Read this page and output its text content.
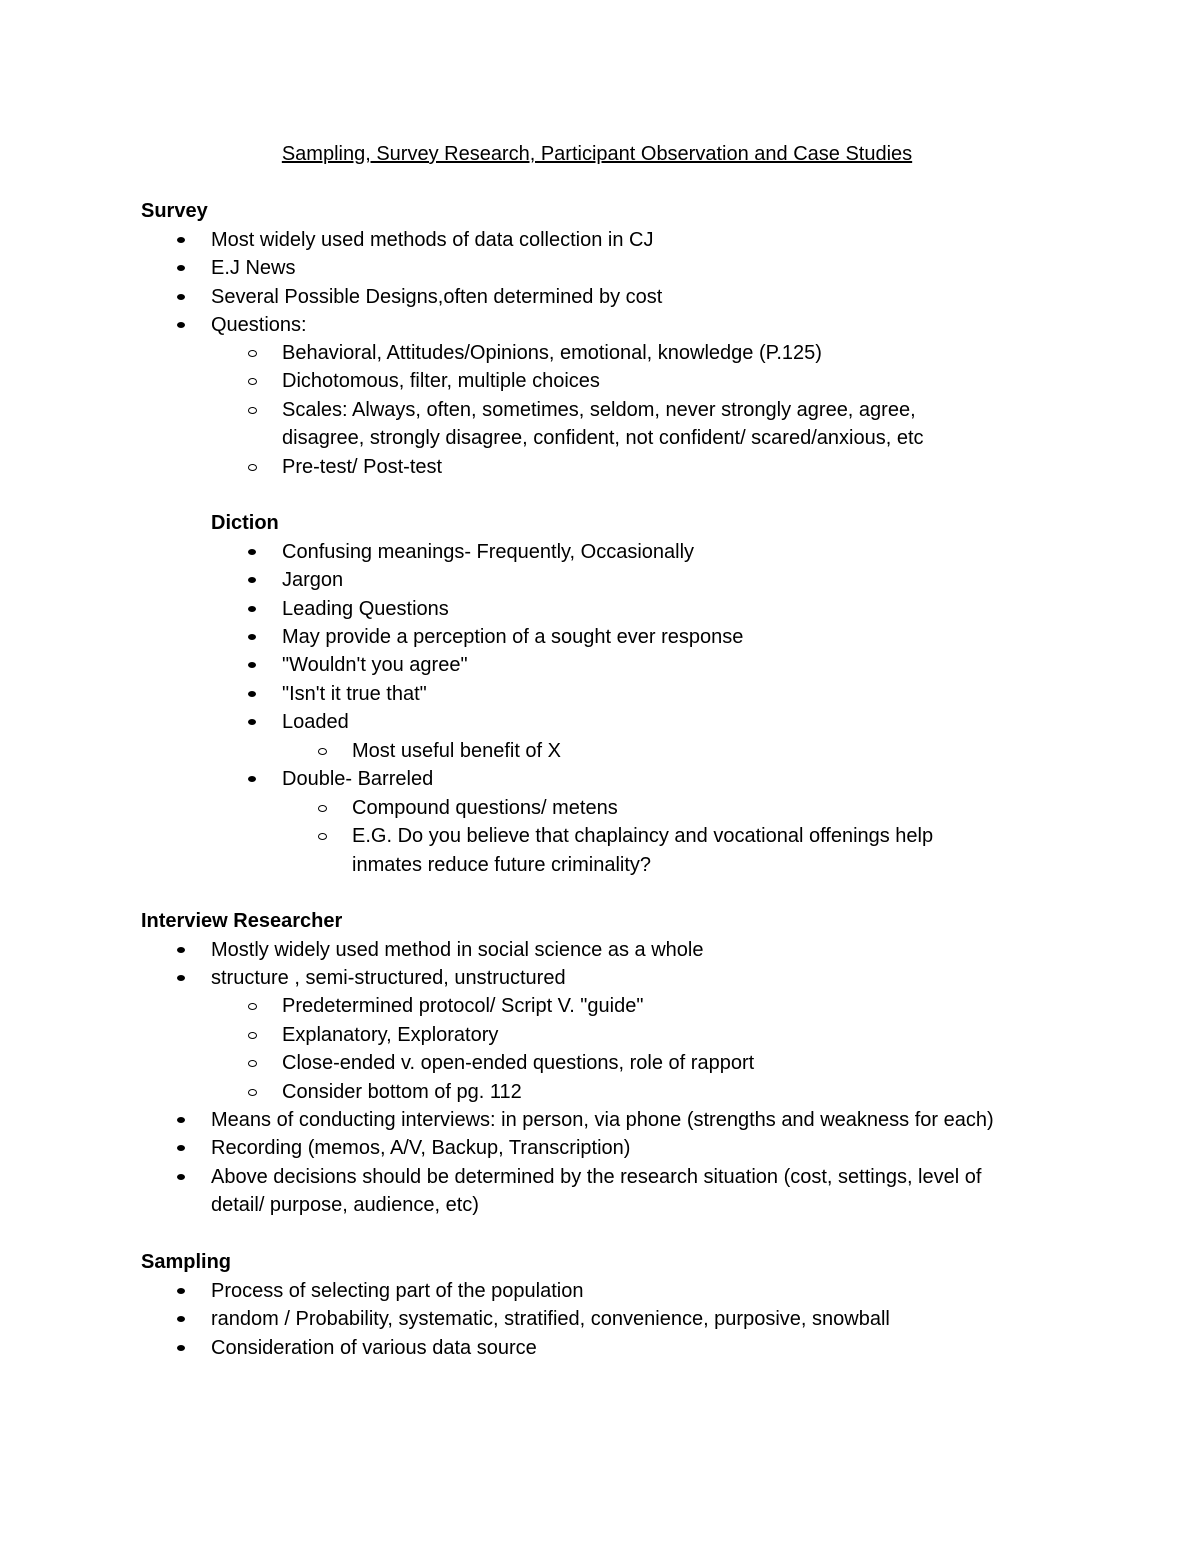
Sampling, Survey Research, Participant Observation and Case Studies
Survey
Most widely used methods of data collection in CJ
E.J News
Several Possible Designs,often determined by cost
Questions:
Behavioral, Attitudes/Opinions, emotional, knowledge (P.125)
Dichotomous, filter, multiple choices
Scales: Always, often, sometimes, seldom, never strongly agree, agree,
disagree, strongly disagree, confident, not confident/ scared/anxious, etc
Pre-test/ Post-test
Diction
Confusing meanings- Frequently, Occasionally
Jargon
Leading Questions
May provide a perception of a sought ever response
"Wouldn't you agree"
"Isn't it true that"
Loaded
Most useful benefit of X
Double- Barreled
Compound questions/ metens
E.G. Do you believe that chaplaincy and vocational offenings help
inmates reduce future criminality?
Interview Researcher
Mostly widely used method in social science as a whole
structure , semi-structured, unstructured
Predetermined protocol/ Script V. "guide"
Explanatory, Exploratory
Close-ended v. open-ended questions, role of rapport
Consider bottom of pg. 112
Means of conducting interviews: in person, via phone (strengths and weakness for each)
Recording (memos, A/V, Backup, Transcription)
Above decisions should be determined by the research situation (cost, settings, level of
detail/ purpose, audience, etc)
Sampling
Process of selecting part of the population
random / Probability, systematic, stratified, convenience, purposive, snowball
Consideration of various data source
